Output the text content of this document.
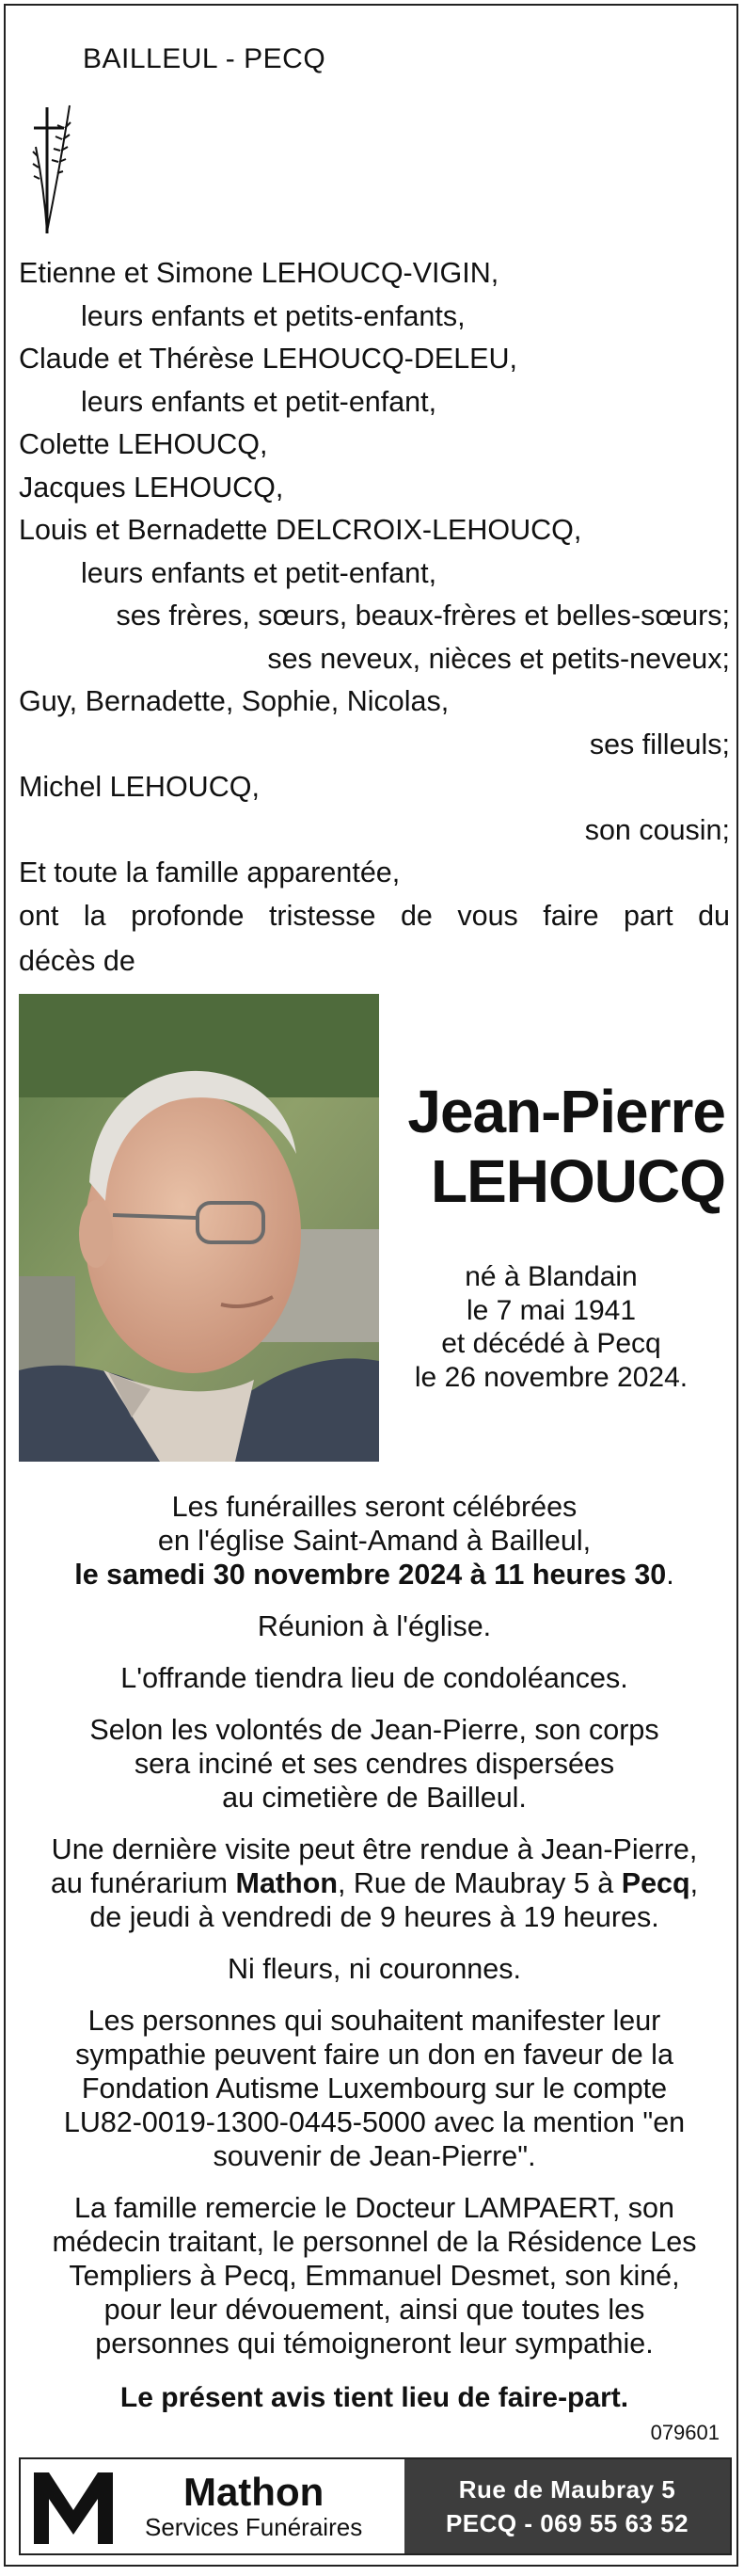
BAILLEUL - PECQ
Etienne et Simone LEHOUCQ-VIGIN,
leurs enfants et petits-enfants,
Claude et Thérèse LEHOUCQ-DELEU,
leurs enfants et petit-enfant,
Colette LEHOUCQ,
Jacques LEHOUCQ,
Louis et Bernadette DELCROIX-LEHOUCQ,
leurs enfants et petit-enfant,
ses frères, sœurs, beaux-frères et belles-sœurs;
ses neveux, nièces et petits-neveux;
Guy, Bernadette, Sophie, Nicolas,
ses filleuls;
Michel LEHOUCQ,
son cousin;
Et toute la famille apparentée,
ont la profonde tristesse de vous faire part du
décès de
Jean-Pierre
LEHOUCQ
né à Blandain
le 7 mai 1941
et décédé à Pecq
le 26 novembre 2024.

Les funérailles seront célébrées
en l'église Saint-Amand à Bailleul,
le samedi 30 novembre 2024 à 11 heures 30.

Réunion à l'église.

L'offrande tiendra lieu de condoléances.

Selon les volontés de Jean-Pierre, son corps
sera inciné et ses cendres dispersées
au cimetière de Bailleul.

Une dernière visite peut être rendue à Jean-Pierre,
au funérarium Mathon, Rue de Maubray 5 à Pecq,
de jeudi à vendredi de 9 heures à 19 heures.

Ni fleurs, ni couronnes.

Les personnes qui souhaitent manifester leur
sympathie peuvent faire un don en faveur de la
Fondation Autisme Luxembourg sur le compte
LU82-0019-1300-0445-5000 avec la mention "en
souvenir de Jean-Pierre".

La famille remercie le Docteur LAMPAERT, son
médecin traitant, le personnel de la Résidence Les
Templiers à Pecq, Emmanuel Desmet, son kiné,
pour leur dévouement, ainsi que toutes les
personnes qui témoigneront leur sympathie.

Le présent avis tient lieu de faire-part.

079601
Mathon
Services Funéraires
Rue de Maubray 5
PECQ - 069 55 63 52
